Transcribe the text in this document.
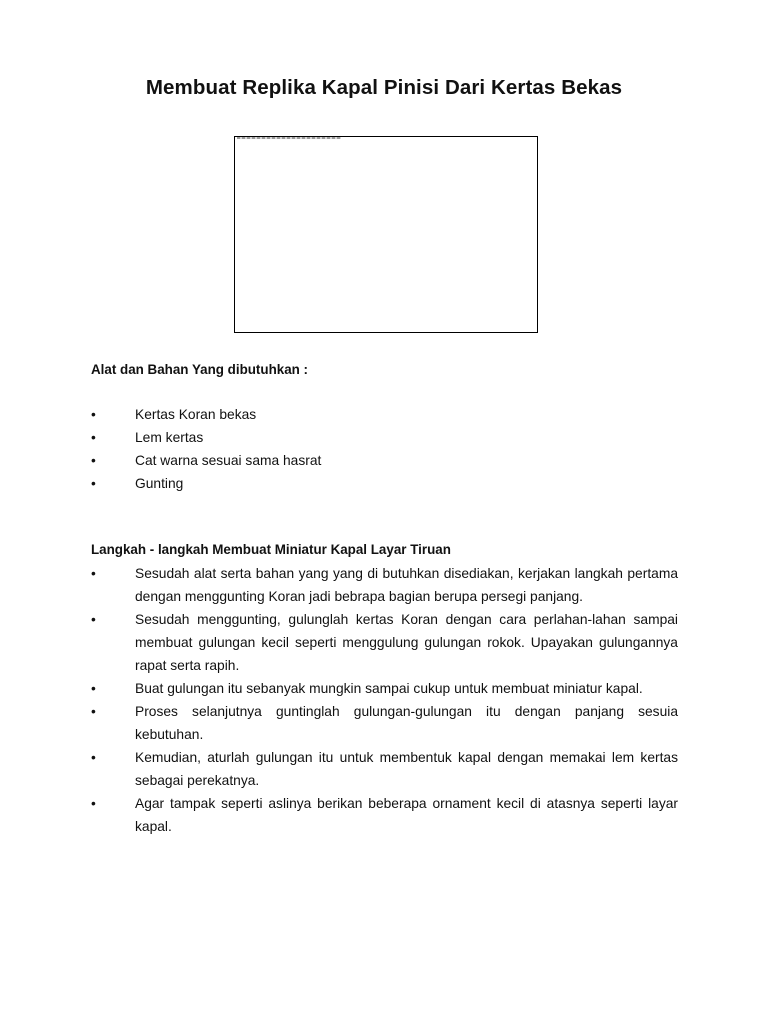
Membuat Replika Kapal Pinisi Dari Kertas Bekas
Alat dan Bahan Yang dibutuhkan :
•	Kertas Koran bekas
•	Lem kertas
•	Cat warna sesuai sama hasrat
•	Gunting
Langkah - langkah Membuat Miniatur Kapal Layar Tiruan
•	Sesudah alat serta bahan yang yang di butuhkan disediakan, kerjakan langkah pertama dengan menggunting Koran jadi bebrapa bagian berupa persegi panjang.
•	Sesudah menggunting, gulunglah kertas Koran dengan cara perlahan-lahan sampai membuat gulungan kecil seperti menggulung gulungan rokok. Upayakan gulungannya rapat serta rapih.
•	Buat gulungan itu sebanyak mungkin sampai cukup untuk membuat miniatur kapal.
•	Proses selanjutnya guntinglah gulungan-gulungan itu dengan panjang sesuia kebutuhan.
•	Kemudian, aturlah gulungan itu untuk membentuk kapal dengan memakai lem kertas sebagai perekatnya.
•	Agar tampak seperti aslinya berikan beberapa ornament kecil di atasnya seperti layar kapal.
